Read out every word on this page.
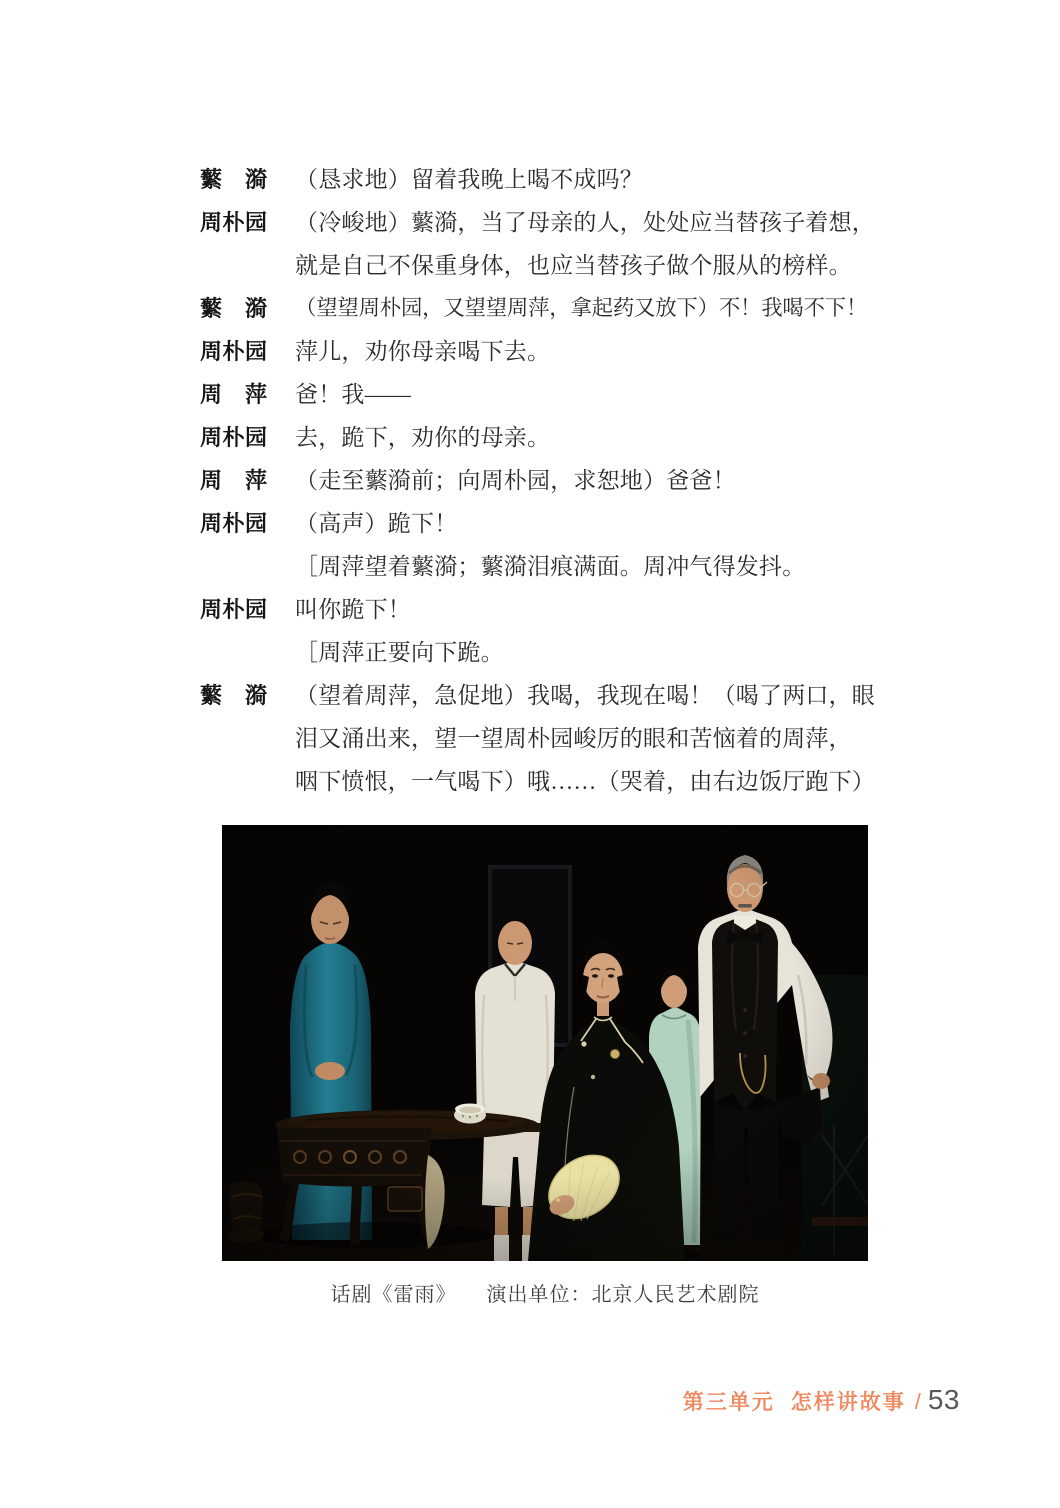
蘩　漪	（恳求地）留着我晚上喝不成吗？
周朴园	（冷峻地）蘩漪，当了母亲的人，处处应当替孩子着想，
就是自己不保重身体，也应当替孩子做个服从的榜样。
蘩　漪	（望望周朴园，又望望周萍，拿起药又放下）不！我喝不下！
周朴园	萍儿，劝你母亲喝下去。
周　萍	爸！我——
周朴园	去，跪下，劝你的母亲。
周　萍	（走至蘩漪前；向周朴园，求恕地）爸爸！
周朴园	（高声）跪下！
［周萍望着蘩漪；蘩漪泪痕满面。周冲气得发抖。
周朴园	叫你跪下！
［周萍正要向下跪。
蘩　漪	（望着周萍，急促地）我喝，我现在喝！（喝了两口，眼
泪又涌出来，望一望周朴园峻厉的眼和苦恼着的周萍，
咽下愤恨，一气喝下）哦……（哭着，由右边饭厅跑下）
话剧《雷雨》 演出单位：北京人民艺术剧院
第三单元 怎样讲故事 / 53
